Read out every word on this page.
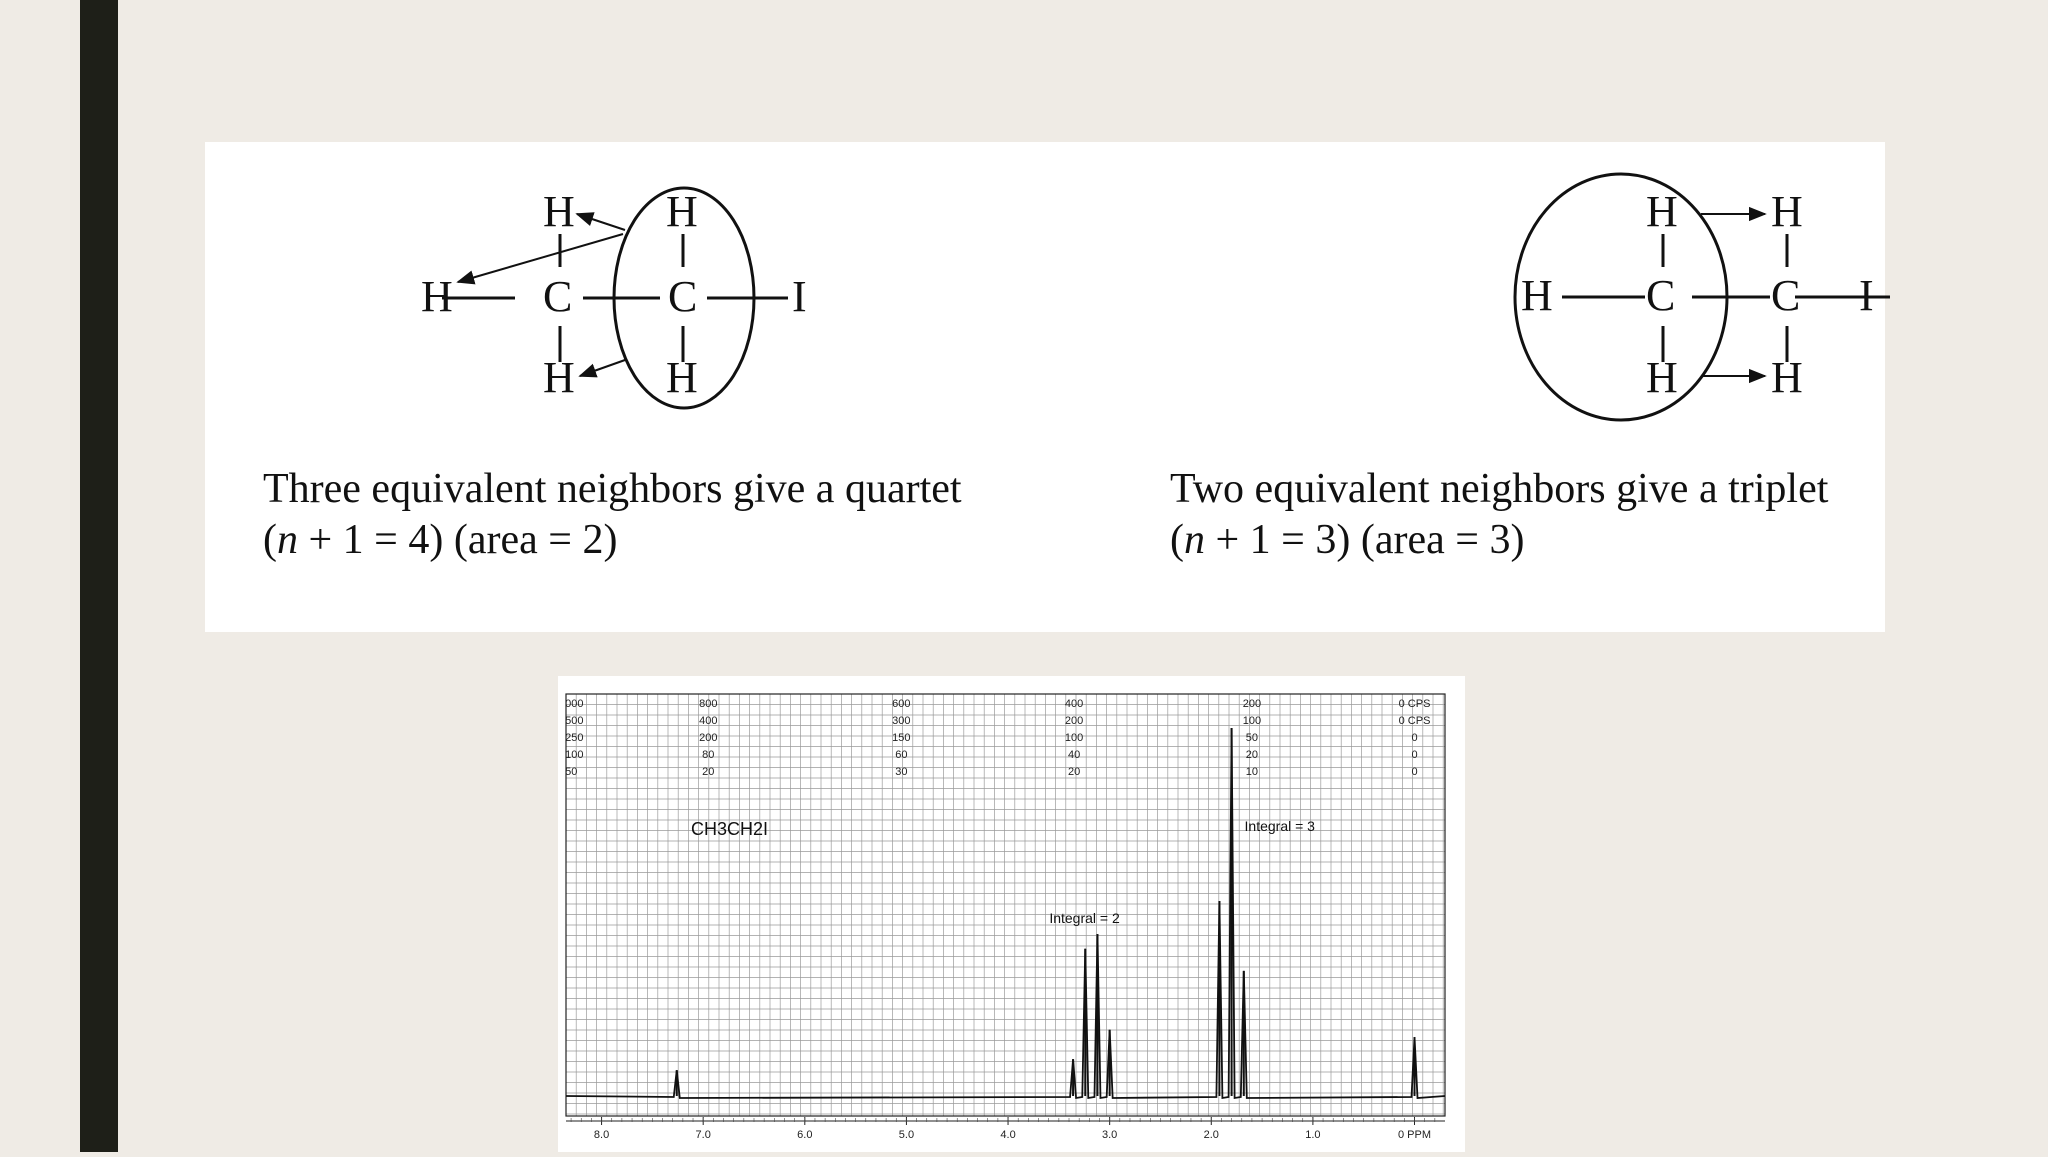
H H
H C C I
H H
H H
H C C
H H
I
Three equivalent neighbors give a quartet
(n + 1 = 4) (area = 2)
Two equivalent neighbors give a triplet
(n + 1 = 3) (area = 3)
000
500
250
100
50
800
400
200
80
20
600
300
150
60
30
400
200
100
40
20
200
100
50
20
10
0 CPS
0 CPS
0
0
0
CH3CH2I
Integral = 2
Integral = 3
8.0	7.0	6.0	5.0	4.0	3.0	2.0	1.0	0 PPM
